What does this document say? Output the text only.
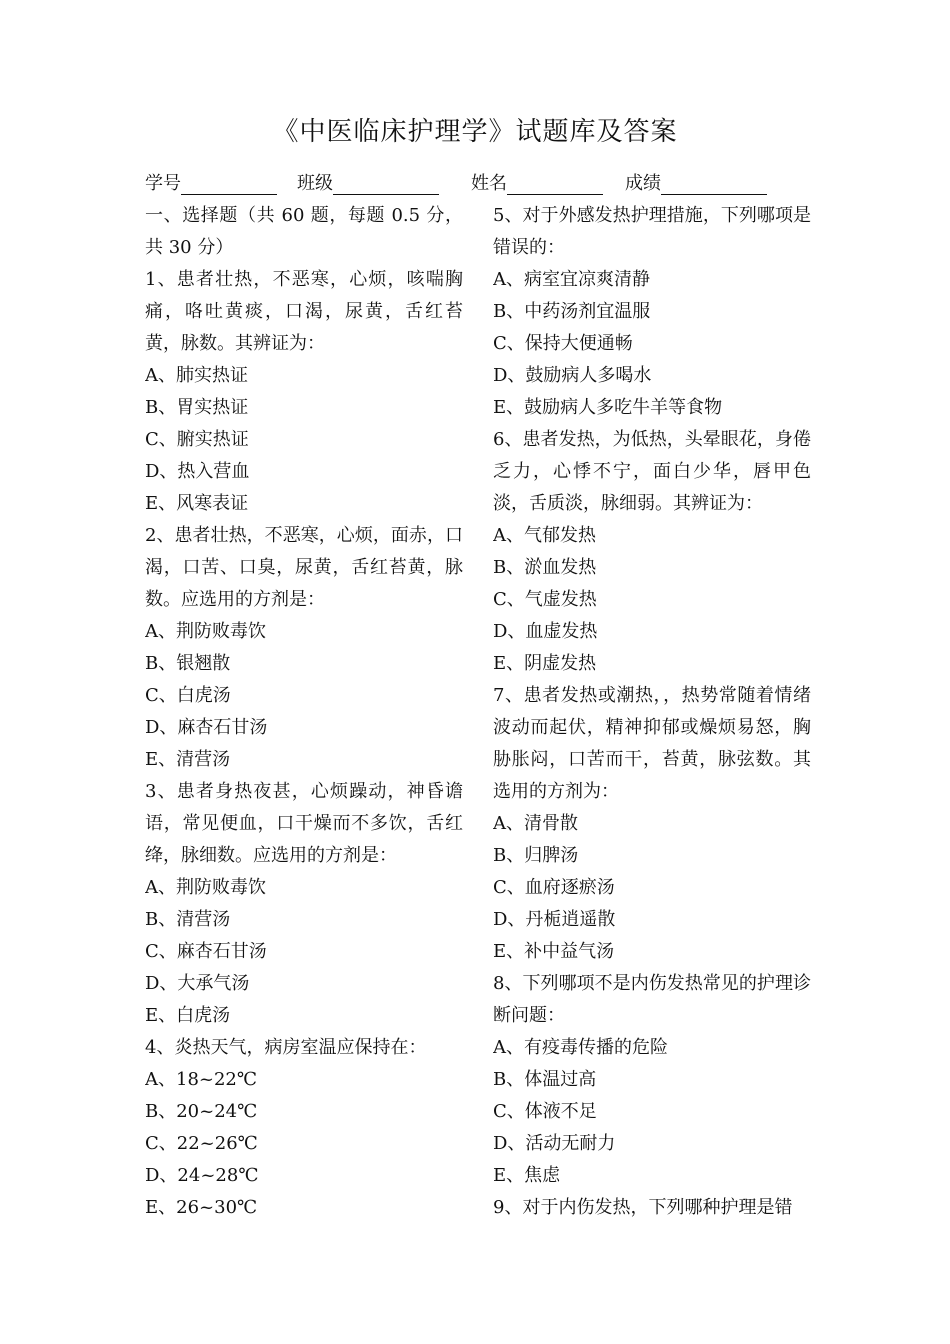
《中医临床护理学》试题库及答案
学号	班级	姓名	成绩
一、选择题（共 60 题，每题 0.5 分，共 30 分）
1、患者壮热，不恶寒，心烦，咳喘胸痛，咯吐黄痰，口渴，尿黄，舌红苔黄，脉数。其辨证为：
A、肺实热证
B、胃实热证
C、腑实热证
D、热入营血
E、风寒表证
2、患者壮热，不恶寒，心烦，面赤，口渴，口苦、口臭，尿黄，舌红苔黄，脉数。应选用的方剂是：
A、荆防败毒饮
B、银翘散
C、白虎汤
D、麻杏石甘汤
E、清营汤
3、患者身热夜甚，心烦躁动，神昏谵语，常见便血，口干燥而不多饮，舌红绛，脉细数。应选用的方剂是：
A、荆防败毒饮
B、清营汤
C、麻杏石甘汤
D、大承气汤
E、白虎汤
4、炎热天气，病房室温应保持在：
A、18~22℃
B、20~24℃
C、22~26℃
D、24~28℃
E、26~30℃
5、对于外感发热护理措施，下列哪项是错误的：
A、病室宜凉爽清静
B、中药汤剂宜温服
C、保持大便通畅
D、鼓励病人多喝水
E、鼓励病人多吃牛羊等食物
6、患者发热，为低热，头晕眼花，身倦乏力，心悸不宁，面白少华，唇甲色淡，舌质淡，脉细弱。其辨证为：
A、气郁发热
B、淤血发热
C、气虚发热
D、血虚发热
E、阴虚发热
7、患者发热或潮热，，热势常随着情绪波动而起伏，精神抑郁或燥烦易怒，胸胁胀闷，口苦而干，苔黄，脉弦数。其选用的方剂为：
A、清骨散
B、归脾汤
C、血府逐瘀汤
D、丹栀逍遥散
E、补中益气汤
8、下列哪项不是内伤发热常见的护理诊断问题：
A、有疫毒传播的危险
B、体温过高
C、体液不足
D、活动无耐力
E、焦虑
9、对于内伤发热，下列哪种护理是错
